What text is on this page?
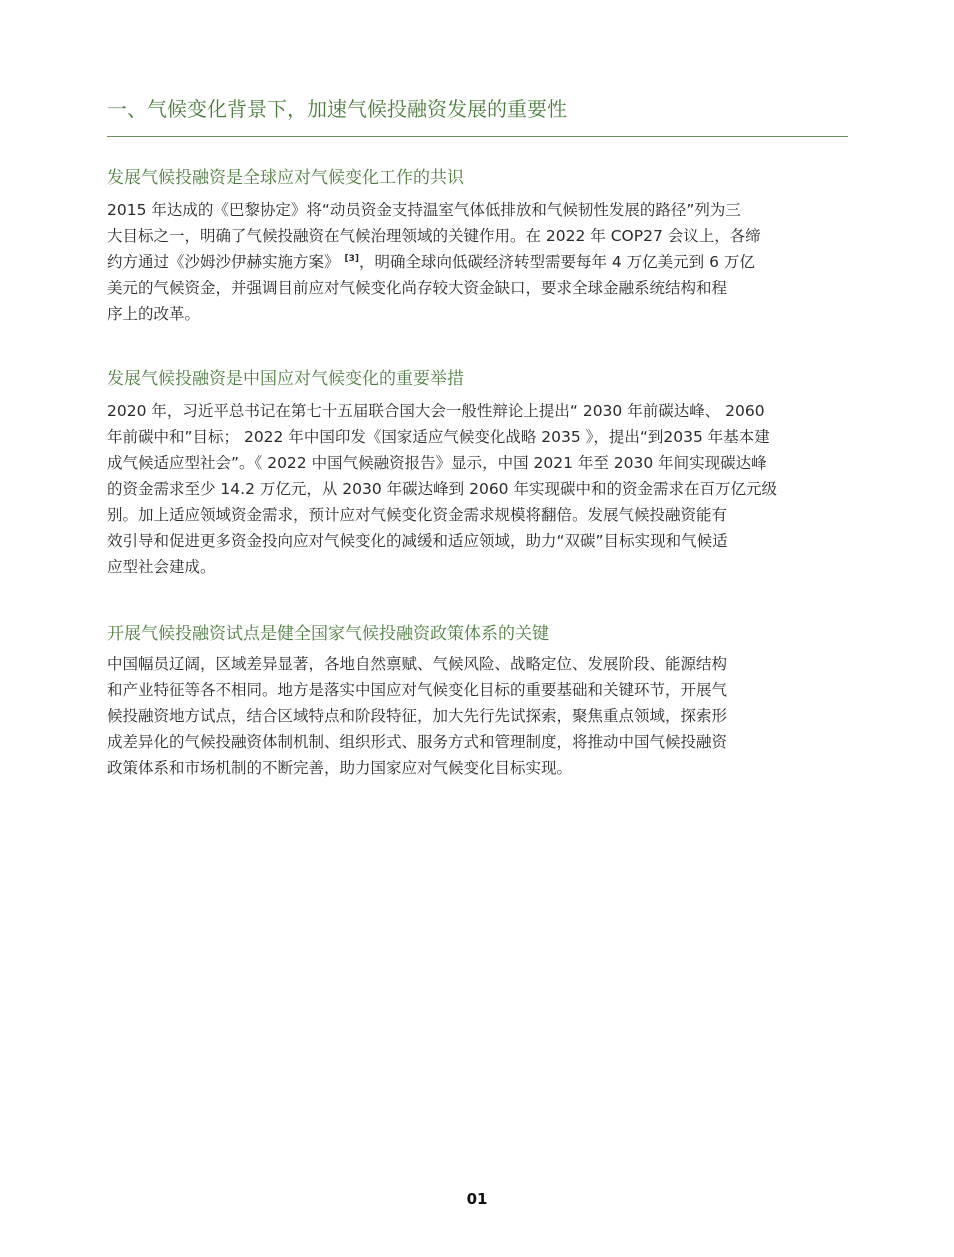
一、气候变化背景下，加速气候投融资发展的重要性
发展气候投融资是全球应对气候变化工作的共识

2015 年达成的《巴黎协定》将“动员资金支持温室气体低排放和气候韧性发展的路径”列为三
大目标之一，明确了气候投融资在气候治理领域的关键作用。在 2022 年 COP27 会议上，各缔
约方通过《沙姆沙伊赫实施方案》 [3]，明确全球向低碳经济转型需要每年 4 万亿美元到 6 万亿
美元的气候资金，并强调目前应对气候变化尚存较大资金缺口，要求全球金融系统结构和程
序上的改革。

发展气候投融资是中国应对气候变化的重要举措

2020 年，习近平总书记在第七十五届联合国大会一般性辩论上提出“ 2030 年前碳达峰、 2060
年前碳中和”目标； 2022 年中国印发《国家适应气候变化战略 2035 》，提出“到2035 年基本建
成气候适应型社会”。《 2022 中国气候融资报告》显示，中国 2021 年至 2030 年间实现碳达峰
的资金需求至少 14.2 万亿元，从 2030 年碳达峰到 2060 年实现碳中和的资金需求在百万亿元级
别。加上适应领域资金需求，预计应对气候变化资金需求规模将翻倍。发展气候投融资能有
效引导和促进更多资金投向应对气候变化的减缓和适应领域，助力“双碳”目标实现和气候适
应型社会建成。

开展气候投融资试点是健全国家气候投融资政策体系的关键

中国幅员辽阔，区域差异显著，各地自然禀赋、气候风险、战略定位、发展阶段、能源结构
和产业特征等各不相同。地方是落实中国应对气候变化目标的重要基础和关键环节，开展气
候投融资地方试点，结合区域特点和阶段特征，加大先行先试探索，聚焦重点领域，探索形
成差异化的气候投融资体制机制、组织形式、服务方式和管理制度，将推动中国气候投融资
政策体系和市场机制的不断完善，助力国家应对气候变化目标实现。

01
